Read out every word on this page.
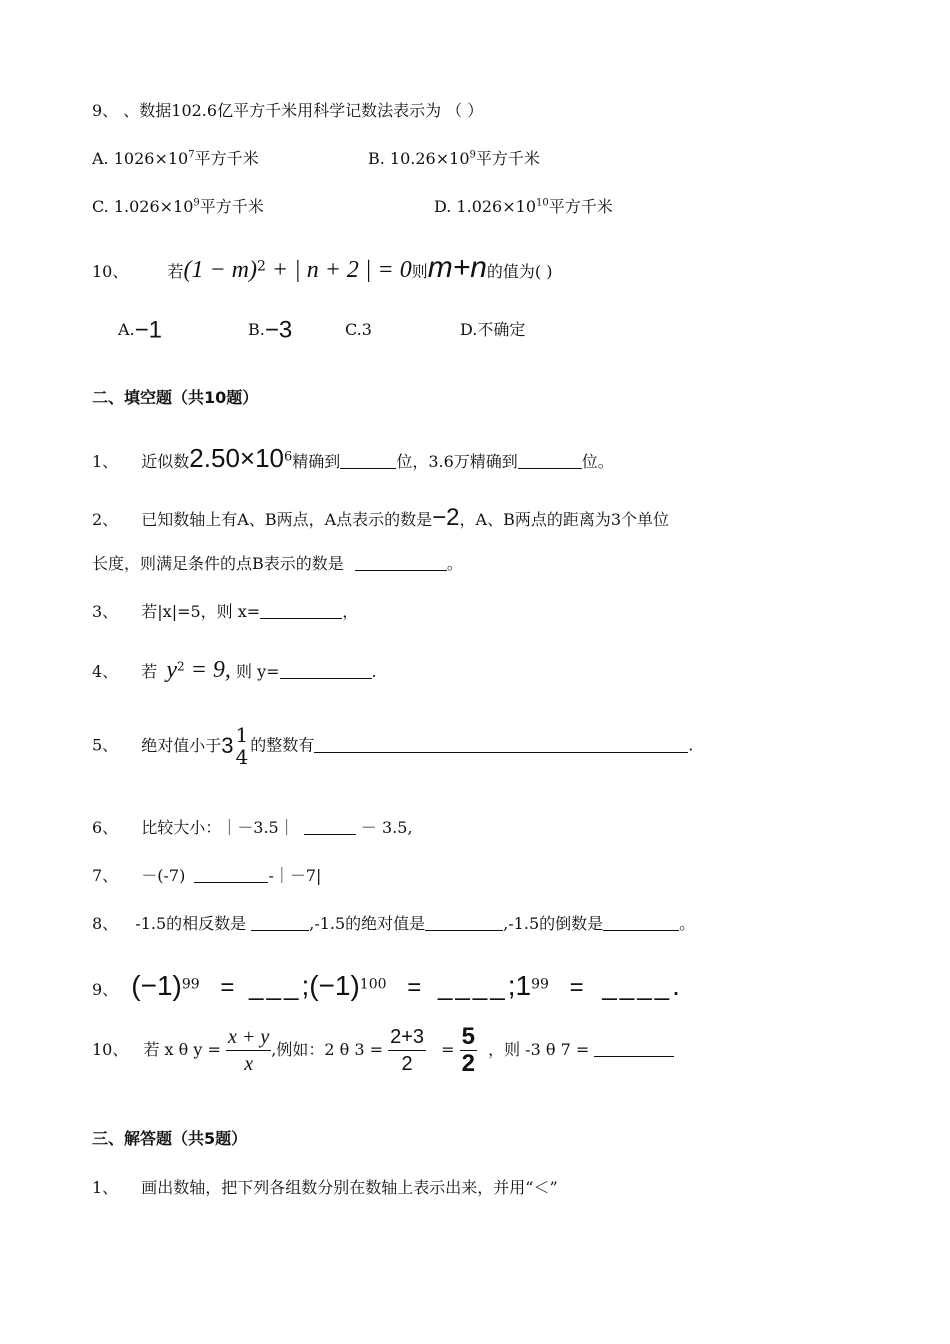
9、 、数据102.6亿平方千米用科学记数法表示为 （ ）
A. $1026\times 10^7$平方千米	B. $10.26\times 10^9$平方千米
C. $1.026\times 10^9$平方千米	D. $1.026\times 10^{10}$平方千米
10、 若(1 − m)2 + | n + 2 | = 0则m+n的值为( )
A.−1	B.−3	C.3	D.不确定
二、填空题（共10题）
1、 近似数$2.50\times 10^6$精确到	位，3.6万精确到	位。
2、 已知数轴上有A、B两点，A点表示的数是−2，A、B两点的距离为3个单位
长度，则满足条件的点B表示的数是	。
3、 若|x|=5，则 x=	，
4、 若 $y^2 = 9$, 则 y=	.
5、 绝对值小于3 1
4 的整数有	.
6、 比较大小：｜－3.5｜	－ 3.5,
7、 －(-7)	-｜－7|
8、 -1.5的相反数是	,-1.5的绝对值是	,-1.5的倒数是	。
9、 (−1)99 = ___;(−1)100 = ____;199 = ____.
10、 若 x θ $y = \frac{x + y}{x}$ ,例如：2 θ $3 = \frac{2+3}{2} = \frac{5}{2}$ ，则 -3 θ 7 =
三、解答题（共5题）
1、 画出数轴，把下列各组数分别在数轴上表示出来，并用“＜”
